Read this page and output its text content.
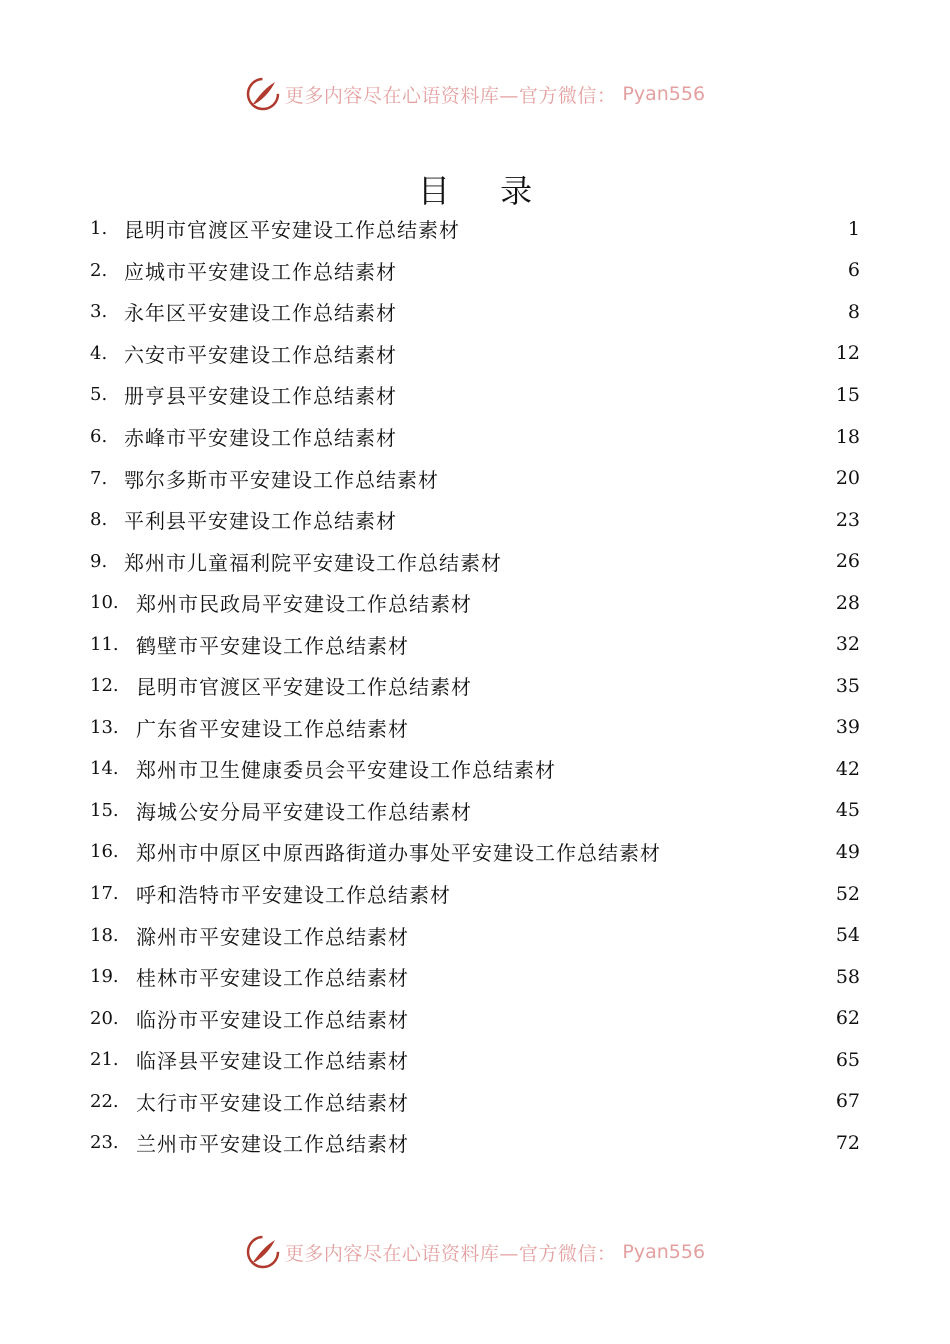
更多内容尽在心语资料库—官方微信： Pyan556
目 录
1. 昆明市官渡区平安建设工作总结素材	1
2. 应城市平安建设工作总结素材	6
3. 永年区平安建设工作总结素材	8
4. 六安市平安建设工作总结素材	12
5. 册亨县平安建设工作总结素材	15
6. 赤峰市平安建设工作总结素材	18
7. 鄂尔多斯市平安建设工作总结素材	20
8. 平利县平安建设工作总结素材	23
9. 郑州市儿童福利院平安建设工作总结素材	26
10. 郑州市民政局平安建设工作总结素材	28
11. 鹤壁市平安建设工作总结素材	32
12. 昆明市官渡区平安建设工作总结素材	35
13. 广东省平安建设工作总结素材	39
14. 郑州市卫生健康委员会平安建设工作总结素材	42
15. 海城公安分局平安建设工作总结素材	45
16. 郑州市中原区中原西路街道办事处平安建设工作总结素材	49
17. 呼和浩特市平安建设工作总结素材	52
18. 滁州市平安建设工作总结素材	54
19. 桂林市平安建设工作总结素材	58
20. 临汾市平安建设工作总结素材	62
21. 临泽县平安建设工作总结素材	65
22. 太行市平安建设工作总结素材	67
23. 兰州市平安建设工作总结素材	72
更多内容尽在心语资料库—官方微信： Pyan556
